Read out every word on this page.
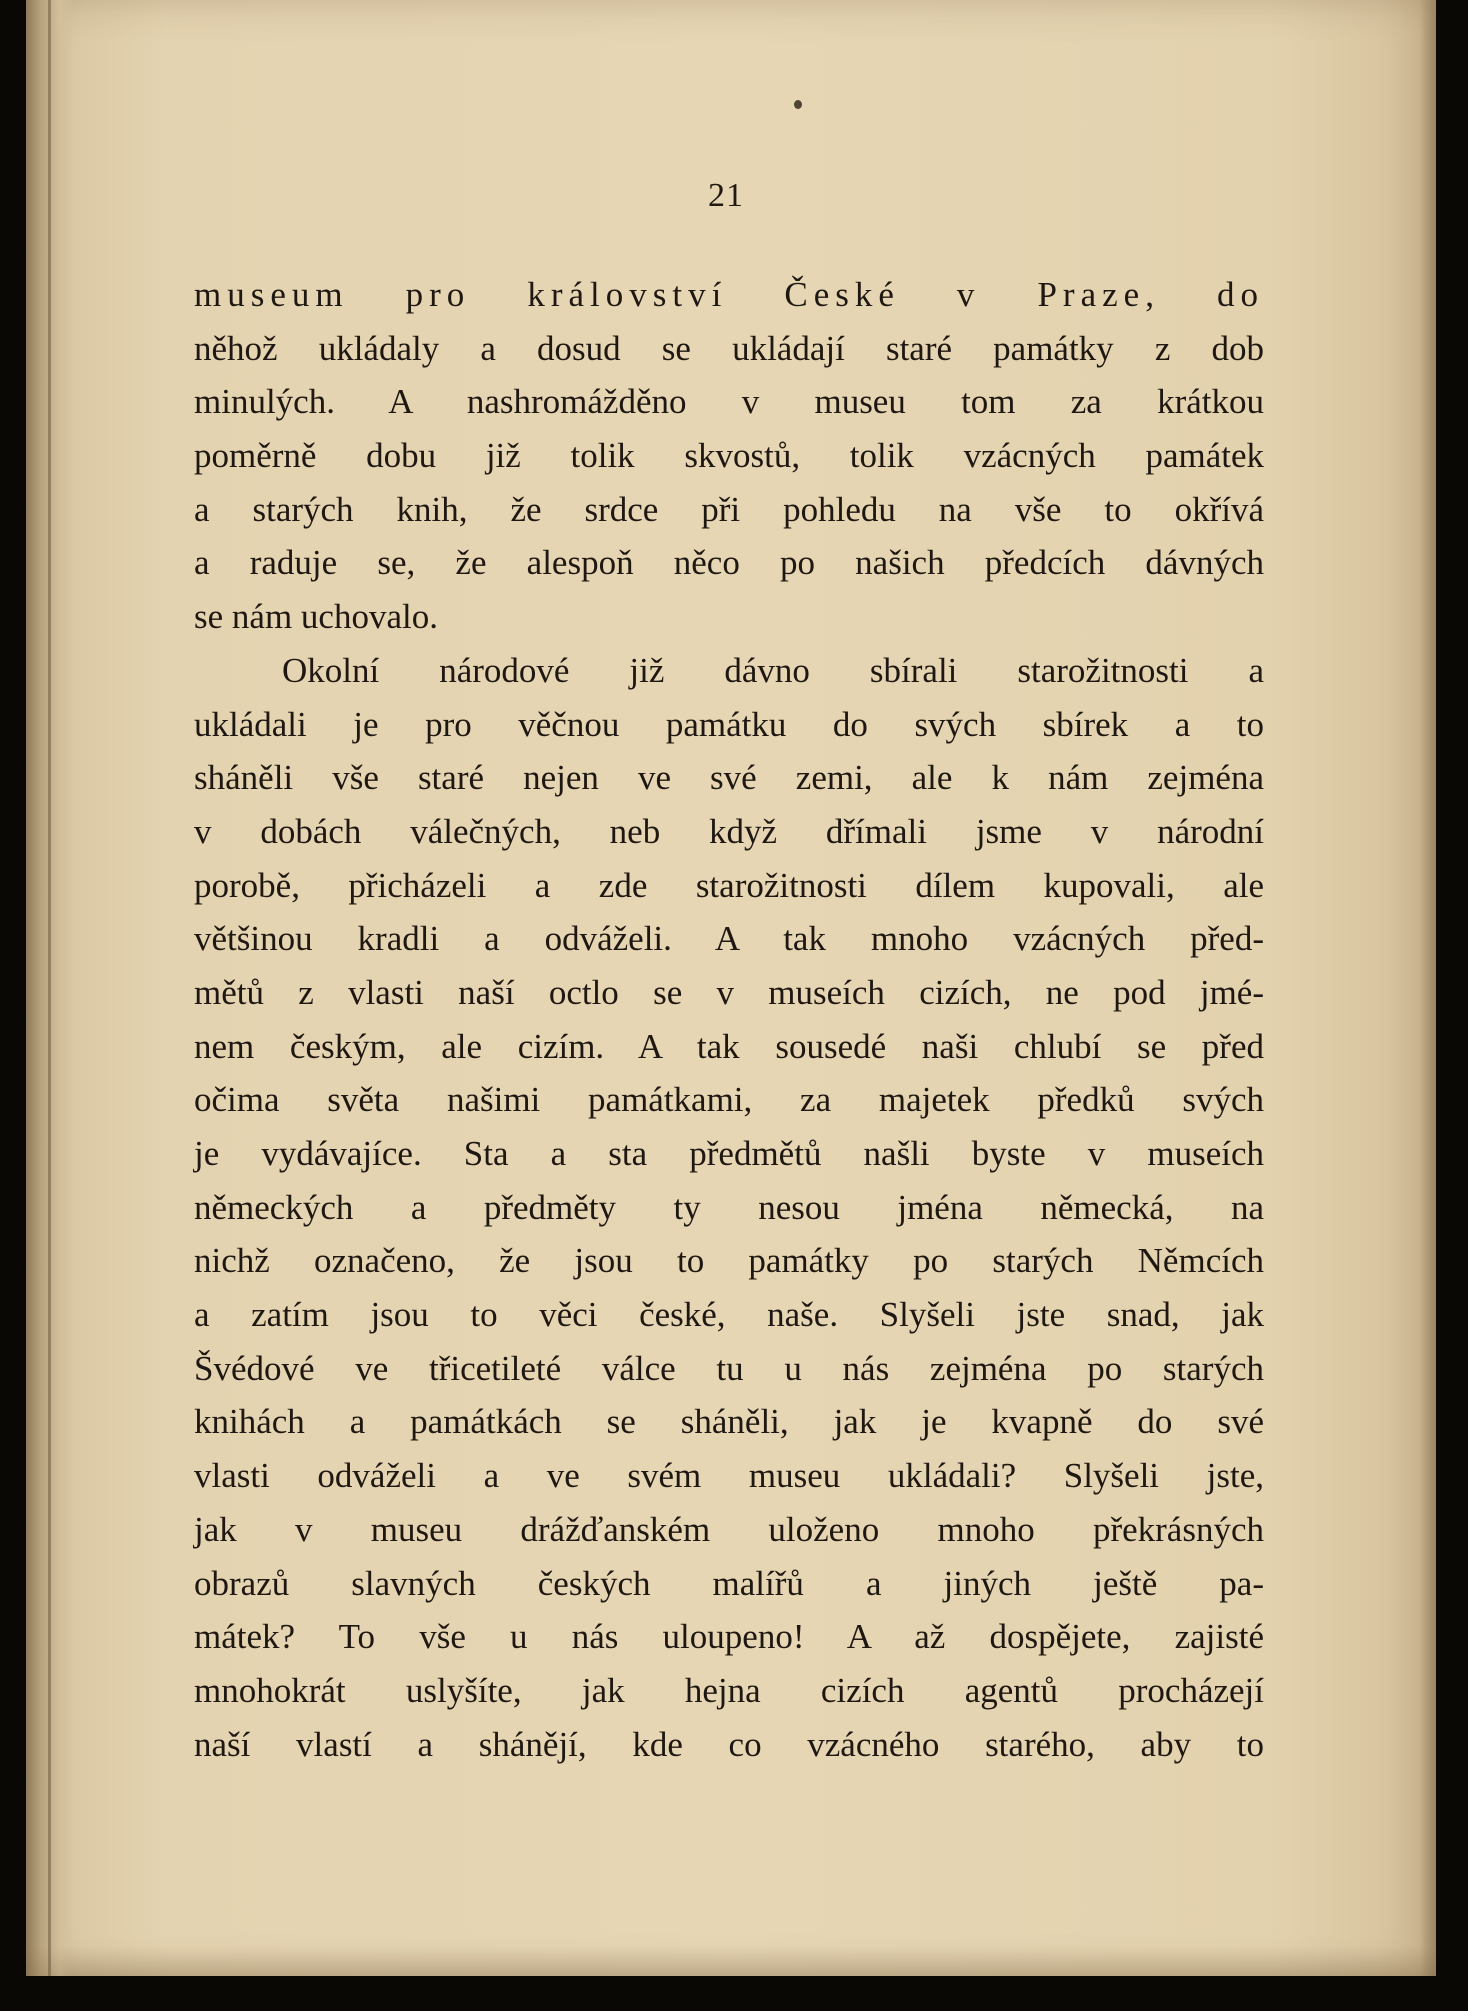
21
museum pro království České v Praze, do
něhož ukládaly a dosud se ukládají staré památky z dob
minulých. A nashromážděno v museu tom za krátkou
poměrně dobu již tolik skvostů, tolik vzácných památek
a starých knih, že srdce při pohledu na vše to okřívá
a raduje se, že alespoň něco po našich předcích dávných
se nám uchovalo.
Okolní národové již dávno sbírali starožitnosti a
ukládali je pro věčnou památku do svých sbírek a to
sháněli vše staré nejen ve své zemi, ale k nám zejména
v dobách válečných, neb když dřímali jsme v národní
porobě, přicházeli a zde starožitnosti dílem kupovali, ale
většinou kradli a odváželi. A tak mnoho vzácných před-
mětů z vlasti naší octlo se v museích cizích, ne pod jmé-
nem českým, ale cizím. A tak sousedé naši chlubí se před
očima světa našimi památkami, za majetek předků svých
je vydávajíce. Sta a sta předmětů našli byste v museích
německých a předměty ty nesou jména německá, na
nichž označeno, že jsou to památky po starých Němcích
a zatím jsou to věci české, naše. Slyšeli jste snad, jak
Švédové ve třicetileté válce tu u nás zejména po starých
knihách a památkách se sháněli, jak je kvapně do své
vlasti odváželi a ve svém museu ukládali? Slyšeli jste,
jak v museu drážďanském uloženo mnoho překrásných
obrazů slavných českých malířů a jiných ještě pa-
mátek? To vše u nás uloupeno! A až dospějete, zajisté
mnohokrát uslyšíte, jak hejna cizích agentů procházejí
naší vlastí a shánějí, kde co vzácného starého, aby to
